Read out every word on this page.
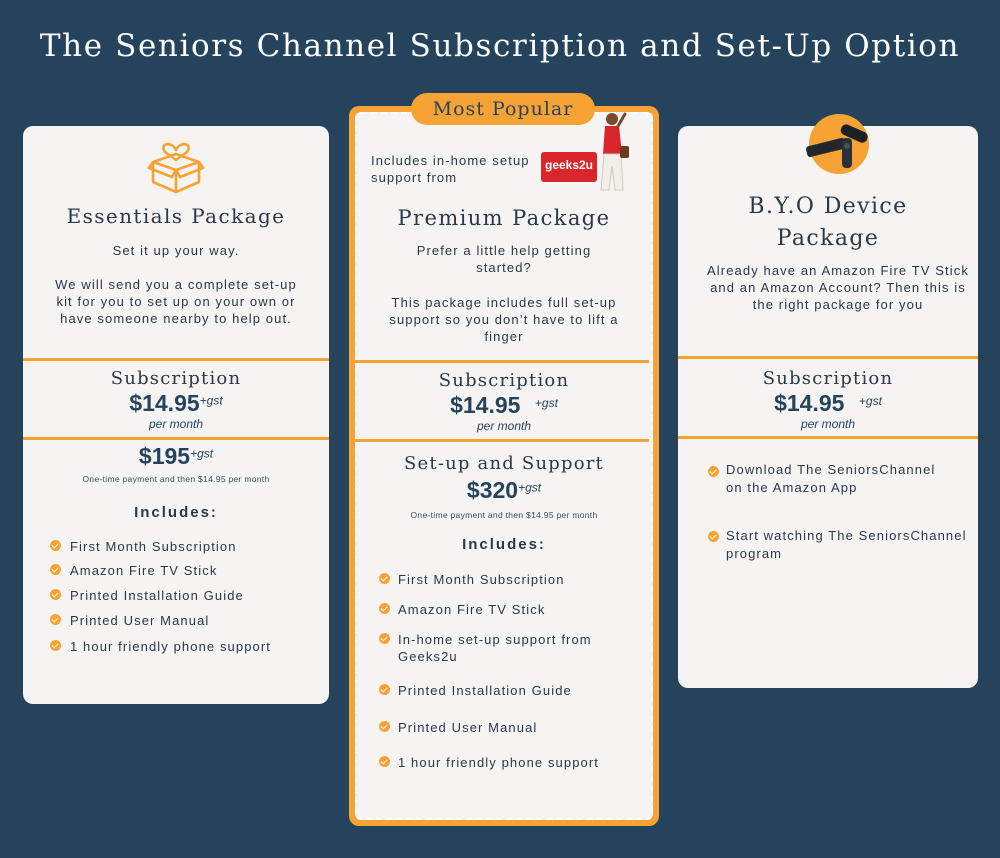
The Seniors Channel Subscription and Set-Up Option
Essentials Package
Set it up your way.
We will send you a complete set-up kit for you to set up on your own or have someone nearby to help out.
Subscription
$\$14.95^{+gst}$
per month
$\$195^{+gst}$
One-time payment and then $14.95 per month
Includes:
First Month Subscription
Amazon Fire TV Stick
Printed Installation Guide
Printed User Manual
1 hour friendly phone support
Includes in-home setup support from
geeks2u
Premium Package
Prefer a little help getting started?
This package includes full set-up support so you don’t have to lift a finger
Subscription
$14.95 $^{+gst}$
per month
Set-up and Support
$\$320^{+gst}$
One-time payment and then $14.95 per month
Includes:
First Month Subscription
Amazon Fire TV Stick
In-home set-up support from Geeks2u
Printed Installation Guide
Printed User Manual
1 hour friendly phone support
Most Popular
B.Y.O Device
Package
Already have an Amazon Fire TV Stick and an Amazon Account? Then this is the right package for you
Subscription
$14.95 $^{+gst}$
per month
Download The SeniorsChannel on the Amazon App
Start watching The SeniorsChannel program
